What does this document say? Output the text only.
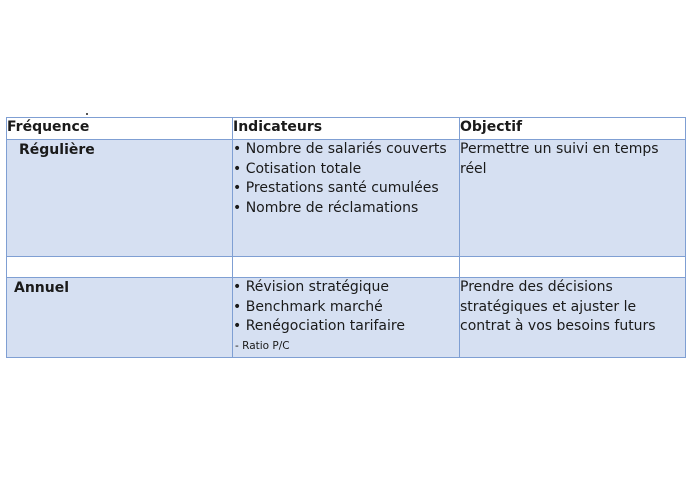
Fréquence	Indicateurs	Objectif

Régulière	• Nombre de salariés couverts
• Cotisation totale
• Prestations santé cumulées
• Nombre de réclamations	Permettre un suivi en temps réel

Annuel	• Révision stratégique
• Benchmark marché
• Renégociation tarifaire
- Ratio P/C	Prendre des décisions stratégiques et ajuster le contrat à vos besoins futurs
